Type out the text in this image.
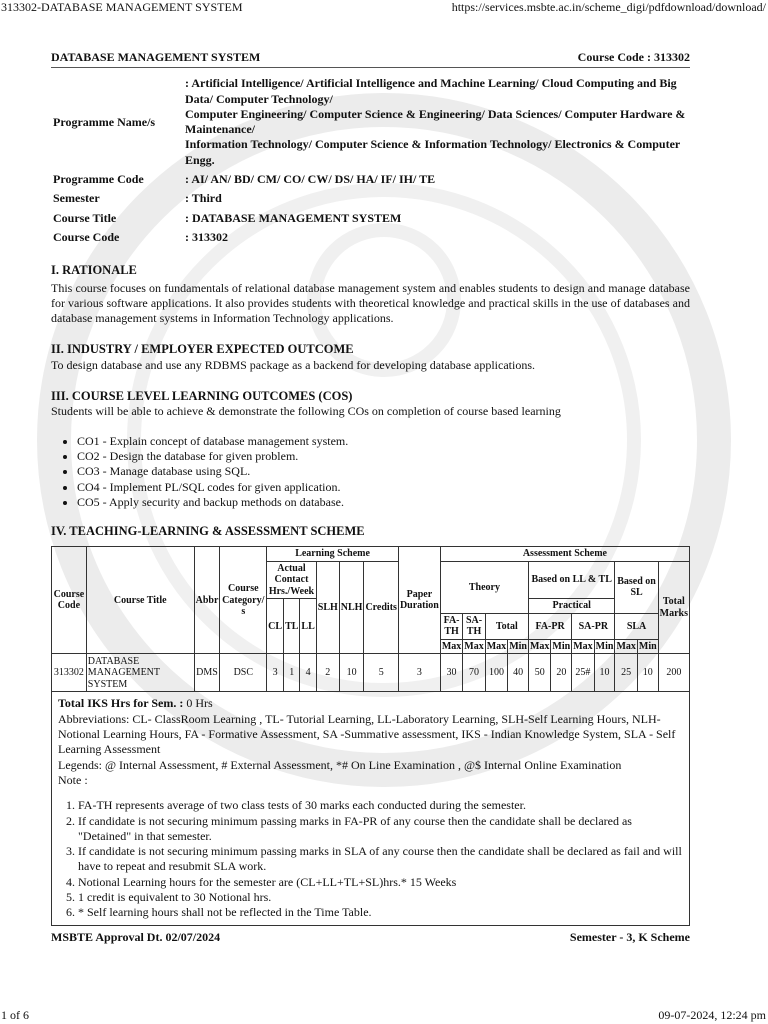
313302-DATABASE MANAGEMENT SYSTEM	https://services.msbte.ac.in/scheme_digi/pdfdownload/download/
DATABASE MANAGEMENT SYSTEM	Course Code : 313302
Programme Name/s	: Artificial Intelligence/ Artificial Intelligence and Machine Learning/ Cloud Computing and Big Data/ Computer Technology/
Computer Engineering/ Computer Science & Engineering/ Data Sciences/ Computer Hardware & Maintenance/
Information Technology/ Computer Science & Information Technology/ Electronics & Computer Engg.
Programme Code	: AI/ AN/ BD/ CM/ CO/ CW/ DS/ HA/ IF/ IH/ TE
Semester	: Third
Course Title	: DATABASE MANAGEMENT SYSTEM
Course Code	: 313302
I. RATIONALE

This course focuses on fundamentals of relational database management system and enables students to design and manage database for various software applications. It also provides students with theoretical knowledge and practical skills in the use of databases and database management systems in Information Technology applications.

II. INDUSTRY / EMPLOYER EXPECTED OUTCOME

To design database and use any RDBMS package as a backend for developing database applications.

III. COURSE LEVEL LEARNING OUTCOMES (COS)

Students will be able to achieve & demonstrate the following COs on completion of course based learning

• CO1 - Explain concept of database management system.
• CO2 - Design the database for given problem.
• CO3 - Manage database using SQL.
• CO4 - Implement PL/SQL codes for given application.
• CO5 - Apply security and backup methods on database.
IV. TEACHING-LEARNING & ASSESSMENT SCHEME
Course Code	Course Title	Abbr	Course Category/ s	Learning Scheme						Paper Duration	Assessment Scheme										
				Actual Contact Hrs./Week			SLH	NLH	Credits		Theory				Based on LL & TL				Based on SL		Total Marks
				CL	TL	LL									Practical						
											FA- TH	SA- TH	Total		FA-PR		SA-PR		SLA		
											Max	Max	Max	Min	Max	Min	Max	Min	Max	Min	
313302	DATABASE MANAGEMENT SYSTEM	DMS	DSC	3	1	4	2	10	5	3	30	70	100	40	50	20	25#	10	25	10	200

Total IKS Hrs for Sem. : 0 Hrs

Abbreviations: CL- ClassRoom Learning , TL- Tutorial Learning, LL-Laboratory Learning, SLH-Self Learning Hours, NLH-Notional Learning Hours, FA - Formative Assessment, SA -Summative assessment, IKS - Indian Knowledge System, SLA - Self Learning Assessment

Legends: @ Internal Assessment, # External Assessment, *# On Line Examination , @$ Internal Online Examination

Note :

1. FA-TH represents average of two class tests of 30 marks each conducted during the semester.
2. If candidate is not securing minimum passing marks in FA-PR of any course then the candidate shall be declared as "Detained" in that semester.
3. If candidate is not securing minimum passing marks in SLA of any course then the candidate shall be declared as fail and will have to repeat and resubmit SLA work.
4. Notional Learning hours for the semester are (CL+LL+TL+SL)hrs.* 15 Weeks
5. 1 credit is equivalent to 30 Notional hrs.
6. * Self learning hours shall not be reflected in the Time Table.
MSBTE Approval Dt. 02/07/2024	Semester - 3, K Scheme
1 of 6	09-07-2024, 12:24 pm
